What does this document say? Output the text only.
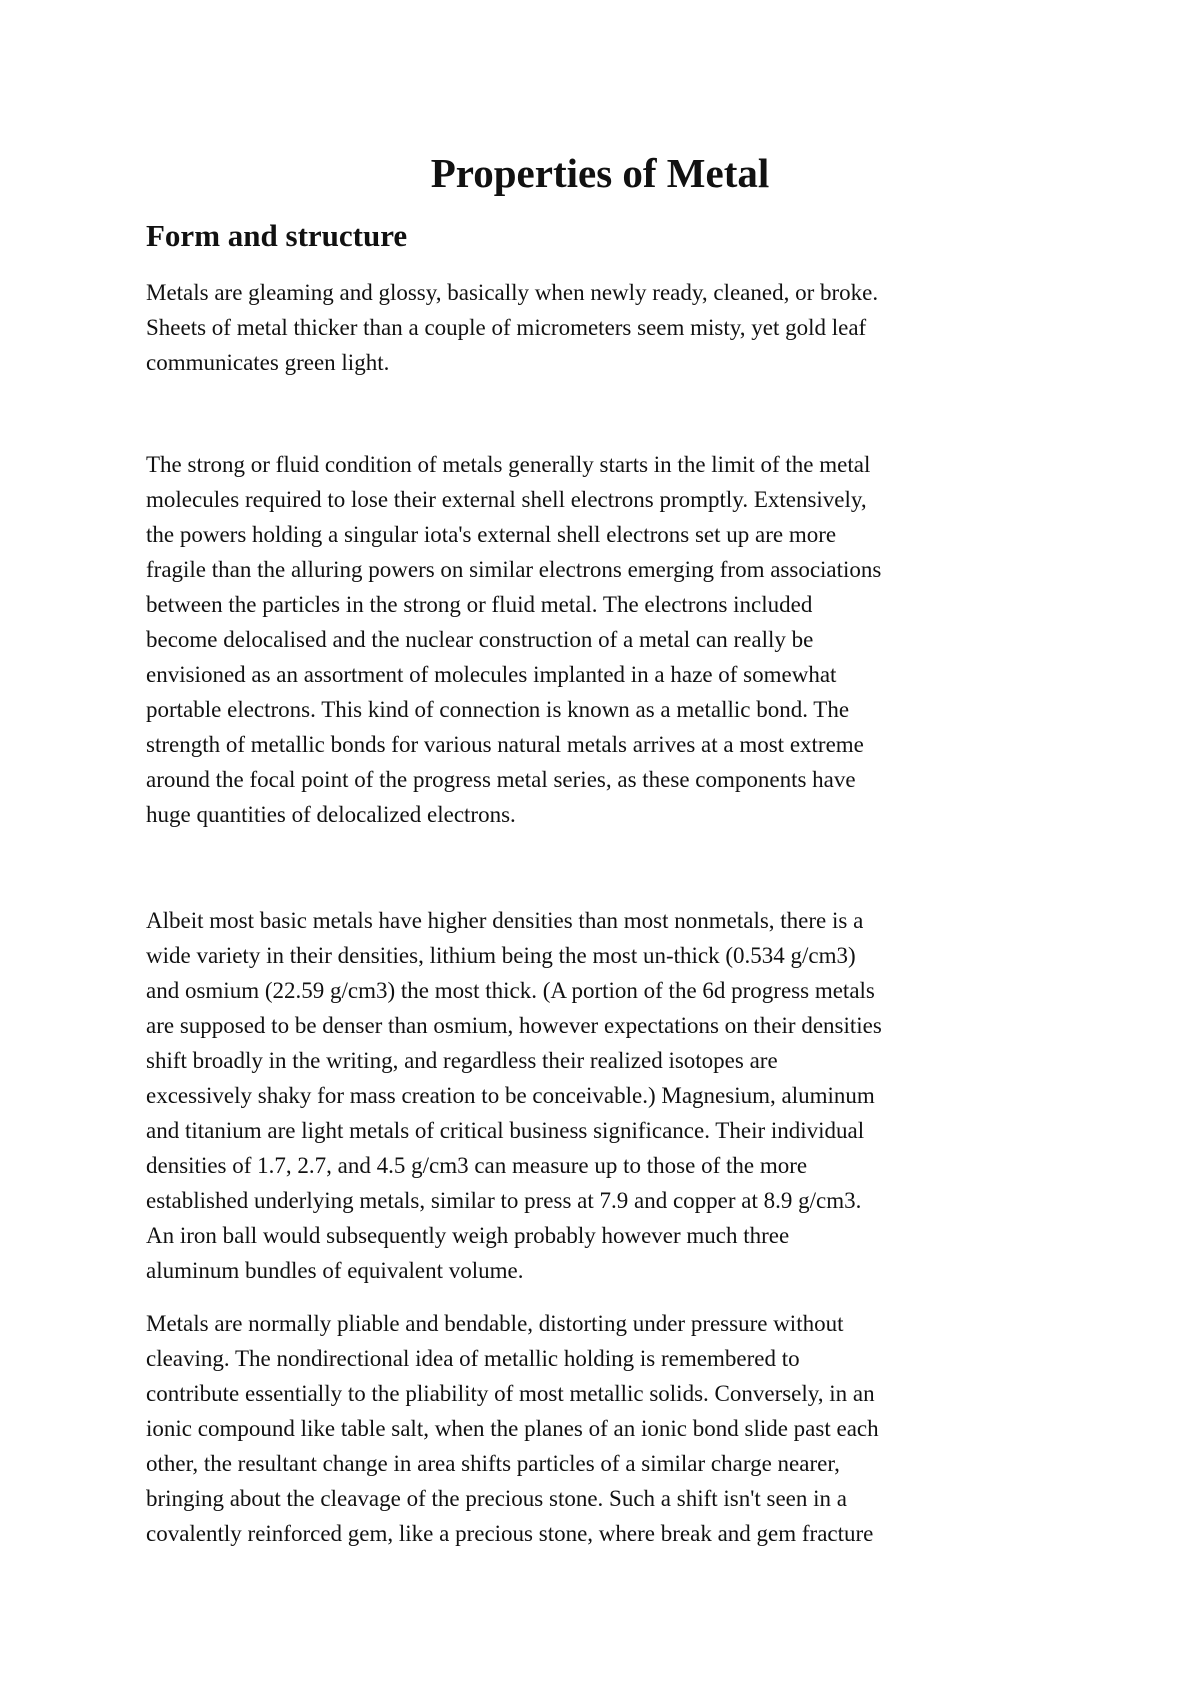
Properties of Metal
Form and structure

Metals are gleaming and glossy, basically when newly ready, cleaned, or broke.
Sheets of metal thicker than a couple of micrometers seem misty, yet gold leaf
communicates green light.

The strong or fluid condition of metals generally starts in the limit of the metal
molecules required to lose their external shell electrons promptly. Extensively,
the powers holding a singular iota's external shell electrons set up are more
fragile than the alluring powers on similar electrons emerging from associations
between the particles in the strong or fluid metal. The electrons included
become delocalised and the nuclear construction of a metal can really be
envisioned as an assortment of molecules implanted in a haze of somewhat
portable electrons. This kind of connection is known as a metallic bond. The
strength of metallic bonds for various natural metals arrives at a most extreme
around the focal point of the progress metal series, as these components have
huge quantities of delocalized electrons.

Albeit most basic metals have higher densities than most nonmetals, there is a
wide variety in their densities, lithium being the most un-thick (0.534 g/cm3)
and osmium (22.59 g/cm3) the most thick. (A portion of the 6d progress metals
are supposed to be denser than osmium, however expectations on their densities
shift broadly in the writing, and regardless their realized isotopes are
excessively shaky for mass creation to be conceivable.) Magnesium, aluminum
and titanium are light metals of critical business significance. Their individual
densities of 1.7, 2.7, and 4.5 g/cm3 can measure up to those of the more
established underlying metals, similar to press at 7.9 and copper at 8.9 g/cm3.
An iron ball would subsequently weigh probably however much three
aluminum bundles of equivalent volume.

Metals are normally pliable and bendable, distorting under pressure without
cleaving. The nondirectional idea of metallic holding is remembered to
contribute essentially to the pliability of most metallic solids. Conversely, in an
ionic compound like table salt, when the planes of an ionic bond slide past each
other, the resultant change in area shifts particles of a similar charge nearer,
bringing about the cleavage of the precious stone. Such a shift isn't seen in a
covalently reinforced gem, like a precious stone, where break and gem fracture
